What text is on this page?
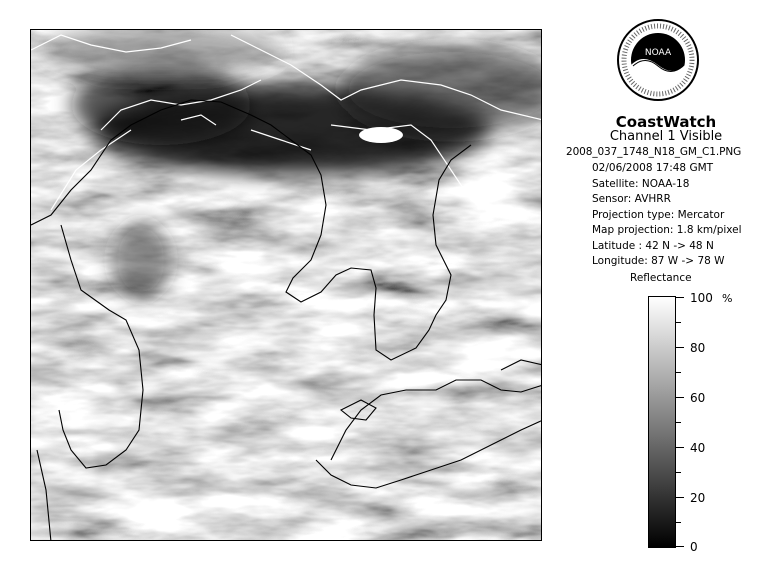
NOAA
CoastWatch
Channel 1 Visible
2008_037_1748_N18_GM_C1.PNG
02/06/2008 17:48 GMT
Satellite: NOAA-18
Sensor: AVHRR
Projection type: Mercator
Map projection: 1.8 km/pixel
Latitude : 42 N -> 48 N
Longitude: 87 W -> 78 W
Reflectance
%
100
80
60
40
20
0
